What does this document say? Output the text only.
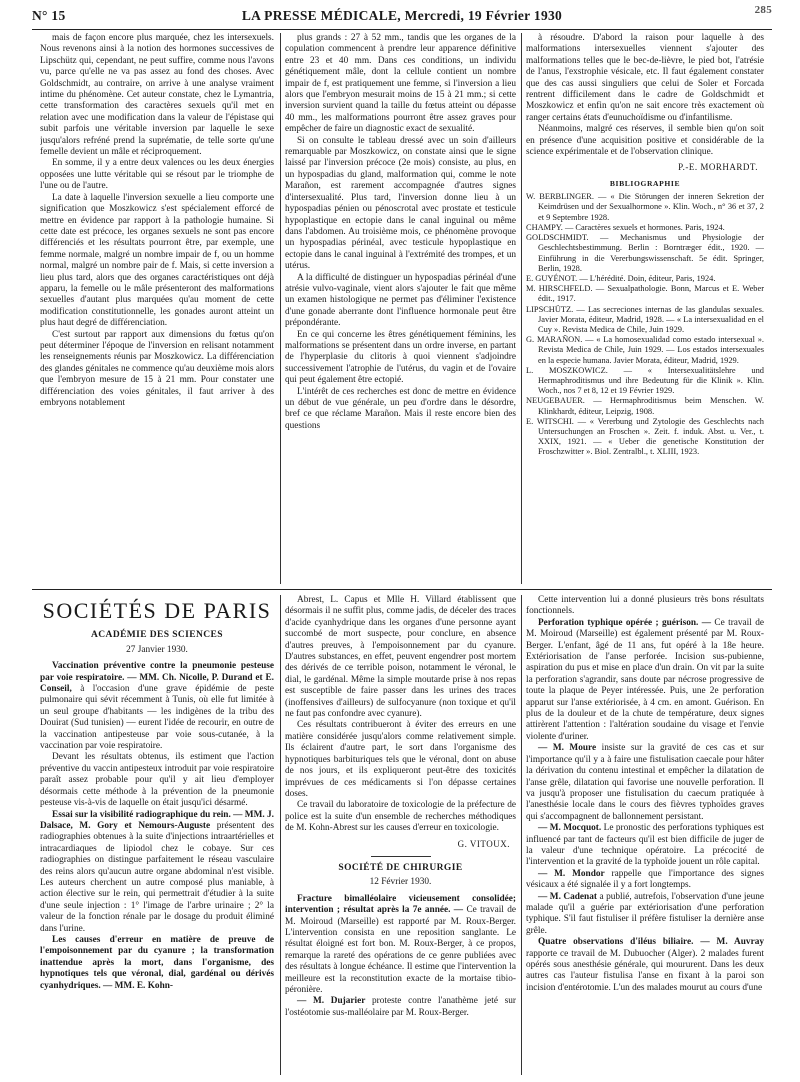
N° 15	LA PRESSE MÉDICALE, Mercredi, 19 Février 1930	285

mais de façon encore plus marquée, chez les intersexuels. Nous revenons ainsi à la notion des hormones successives de Lipschütz qui, cependant, ne peut suffire, comme nous l'avons vu, parce qu'elle ne va pas assez au fond des choses. Avec Goldschmidt, au contraire, on arrive à une analyse vraiment intime du phénomène. Cet auteur constate, chez le Lymantria, cette transformation des caractères sexuels qu'il met en relation avec une modification dans la valeur de l'épistase qui subit parfois une véritable inversion par laquelle le sexe jusqu'alors refréné prend la suprématie, de telle sorte qu'une femelle devient un mâle et réciproquement.

En somme, il y a entre deux valences ou les deux énergies opposées une lutte véritable qui se résout par le triomphe de l'une ou de l'autre.

La date à laquelle l'inversion sexuelle a lieu comporte une signification que Moszkowicz s'est spécialement efforcé de mettre en évidence par rapport à la pathologie humaine. Si cette date est précoce, les organes sexuels ne sont pas encore différenciés et les résultats pourront être, par exemple, une femme normale, malgré un nombre impair de f, ou un homme normal, malgré un nombre pair de f. Mais, si cette inversion a lieu plus tard, alors que des organes caractéristiques ont déjà apparu, la femelle ou le mâle présenteront des malformations sexuelles d'autant plus marquées qu'au moment de cette modification constitutionnelle, les gonades auront atteint un plus haut degré de différenciation.

C'est surtout par rapport aux dimensions du fœtus qu'on peut déterminer l'époque de l'inversion en relisant notamment les renseignements réunis par Moszkowicz. La différenciation des glandes génitales ne commence qu'au deuxième mois alors que l'embryon mesure de 15 à 21 mm. Pour constater une différenciation des voies génitales, il faut arriver à des embryons notablement

plus grands : 27 à 52 mm., tandis que les organes de la copulation commencent à prendre leur apparence définitive entre 23 et 40 mm. Dans ces conditions, un individu génétiquement mâle, dont la cellule contient un nombre impair de f, est pratiquement une femme, si l'inversion a lieu alors que l'embryon mesurait moins de 15 à 21 mm.; si cette inversion survient quand la taille du fœtus atteint ou dépasse 40 mm., les malformations pourront être assez graves pour empêcher de faire un diagnostic exact de sexualité.

Si on consulte le tableau dressé avec un soin d'ailleurs remarquable par Moszkowicz, on constate ainsi que le signe laissé par l'inversion précoce (2e mois) consiste, au plus, en un hypospadias du gland, malformation qui, comme le note Marañon, est rarement accompagnée d'autres signes d'intersexualité. Plus tard, l'inversion donne lieu à un hypospadias pénien ou pénoscrotal avec prostate et testicule hypoplastique en ectopie dans le canal inguinal ou même dans l'abdomen. Au troisième mois, ce phénomène provoque un hypospadias périnéal, avec testicule hypoplastique en ectopie dans le canal inguinal à l'extrémité des trompes, et un utérus.

A la difficulté de distinguer un hypospadias périnéal d'une atrésie vulvo-vaginale, vient alors s'ajouter le fait que même un examen histologique ne permet pas d'éliminer l'existence d'une gonade aberrante dont l'influence hormonale peut être prépondérante.

En ce qui concerne les êtres génétiquement féminins, les malformations se présentent dans un ordre inverse, en partant de l'hyperplasie du clitoris à quoi viennent s'adjoindre successivement l'atrophie de l'utérus, du vagin et de l'ovaire qui peut également être ectopié.

L'intérêt de ces recherches est donc de mettre en évidence un début de vue générale, un peu d'ordre dans le désordre, bref ce que réclame Marañon. Mais il reste encore bien des questions

à résoudre. D'abord la raison pour laquelle à des malformations intersexuelles viennent s'ajouter des malformations telles que le bec-de-lièvre, le pied bot, l'atrésie de l'anus, l'exstrophie vésicale, etc. Il faut également constater que des cas aussi singuliers que celui de Soler et Forcada rentrent difficilement dans le cadre de Goldschmidt et Moszkowicz et enfin qu'on ne sait encore très exactement où ranger certains états d'eunuchoïdisme ou d'infantilisme.

Néanmoins, malgré ces réserves, il semble bien qu'on soit en présence d'une acquisition positive et considérable de la science expérimentale et de l'observation clinique.

P.-E. MORHARDT.
BIBLIOGRAPHIE

W. BERBLINGER. — « Die Störungen der inneren Sekretion der Keimdrüsen und der Sexualhormone ». Klin. Woch., n° 36 et 37, 2 et 9 Septembre 1928.

CHAMPY. — Caractères sexuels et hormones. Paris, 1924.

GOLDSCHMIDT. — Mechanismus und Physiologie der Geschlechtsbestimmung. Berlin : Borntræger édit., 1920. — Einführung in die Vererbungswissenschaft. 5e édit. Springer, Berlin, 1928.

E. GUYÉNOT. — L'hérédité. Doin, éditeur, Paris, 1924.

M. HIRSCHFELD. — Sexualpathologie. Bonn, Marcus et E. Weber édit., 1917.

LIPSCHÜTZ. — Las secreciones internas de las glandulas sexuales. Javier Morata, éditeur, Madrid, 1928. — « La intersexualidad en el Cuy ». Revista Medica de Chile, Juin 1929.

G. MARAÑON. — « La homosexualidad como estado intersexual ». Revista Medica de Chile, Juin 1929. — Los estados intersexuales en la especie humana. Javier Morata, éditeur, Madrid, 1929.

L. MOSZKOWICZ. — « Intersexualitätslehre und Hermaphroditismus und ihre Bedeutung für die Klinik ». Klin. Woch., nos 7 et 8, 12 et 19 Février 1929.

NEUGEBAUER. — Hermaphroditismus beim Menschen. W. Klinkhardt, éditeur, Leipzig, 1908.

E. WITSCHI. — « Vererbung und Zytologie des Geschlechts nach Untersuchungen an Froschen ». Zeit. f. induk. Abst. u. Ver., t. XXIX, 1921. — « Ueber die genetische Konstitution der Froschzwitter ». Biol. Zentralbl., t. XLIII, 1923.

SOCIÉTÉS DE PARIS
ACADÉMIE DES SCIENCES
27 Janvier 1930.

Vaccination préventive contre la pneumonie pesteuse par voie respiratoire. — MM. Ch. Nicolle, P. Durand et E. Conseil, à l'occasion d'une grave épidémie de peste pulmonaire qui sévit récemment à Tunis, où elle fut limitée à un seul groupe d'habitants — les indigènes de la tribu des Douirat (Sud tunisien) — eurent l'idée de recourir, en outre de la vaccination antipesteuse par voie sous-cutanée, à la vaccination par voie respiratoire.

Devant les résultats obtenus, ils estiment que l'action préventive du vaccin antipesteux introduit par voie respiratoire paraît assez probable pour qu'il y ait lieu d'employer désormais cette méthode à la prévention de la pneumonie pesteuse vis-à-vis de laquelle on était jusqu'ici désarmé.

Essai sur la visibilité radiographique du rein. — MM. J. Dalsace, M. Gory et Nemours-Auguste présentent des radiographies obtenues à la suite d'injections intraartérielles et intracardiaques de lipiodol chez le cobaye. Sur ces radiographies on distingue parfaitement le réseau vasculaire des reins alors qu'aucun autre organe abdominal n'est visible. Les auteurs cherchent un autre composé plus maniable, à action élective sur le rein, qui permettrait d'étudier à la suite d'une seule injection : 1° l'image de l'arbre urinaire ; 2° la valeur de la fonction rénale par le dosage du produit éliminé dans l'urine.

Les causes d'erreur en matière de preuve de l'empoisonnement par du cyanure ; la transformation inattendue après la mort, dans l'organisme, des hypnotiques tels que véronal, dial, gardénal ou dérivés cyanhydriques. — MM. E. Kohn-

Abrest, L. Capus et Mlle H. Villard établissent que désormais il ne suffit plus, comme jadis, de déceler des traces d'acide cyanhydrique dans les organes d'une personne ayant succombé de mort suspecte, pour conclure, en absence d'autres preuves, à l'empoisonnement par du cyanure. D'autres substances, en effet, peuvent engendrer post mortem des dérivés de ce terrible poison, notamment le véronal, le dial, le gardénal. Même la simple moutarde prise à nos repas est susceptible de faire passer dans les urines des traces (inoffensives d'ailleurs) de sulfocyanure (non toxique et qu'il ne faut pas confondre avec cyanure).

Ces résultats contribueront à éviter des erreurs en une matière considérée jusqu'alors comme relativement simple. Ils éclairent d'autre part, le sort dans l'organisme des hypnotiques barbituriques tels que le véronal, dont on abuse de nos jours, et ils expliqueront peut-être des toxicités imprévues de ces médicaments si l'on dépasse certaines doses.

Ce travail du laboratoire de toxicologie de la préfecture de police est la suite d'un ensemble de recherches méthodiques de M. Kohn-Abrest sur les causes d'erreur en toxicologie.

G. VITOUX.
SOCIÉTÉ DE CHIRURGIE
12 Février 1930.

Fracture bimalléolaire vicieusement consolidée; intervention ; résultat après la 7e année. — Ce travail de M. Moiroud (Marseille) est rapporté par M. Roux-Berger. L'intervention consista en une reposition sanglante. Le résultat éloigné est fort bon. M. Roux-Berger, à ce propos, remarque la rareté des opérations de ce genre publiées avec des résultats à longue échéance. Il estime que l'intervention la meilleure est la reconstitution exacte de la mortaise tibio-péronière.

— M. Dujarier proteste contre l'anathème jeté sur l'ostéotomie sus-malléolaire par M. Roux-Berger.

Cette intervention lui a donné plusieurs très bons résultats fonctionnels.

Perforation typhique opérée ; guérison. — Ce travail de M. Moiroud (Marseille) est également présenté par M. Roux-Berger. L'enfant, âgé de 11 ans, fut opéré à la 18e heure. Extériorisation de l'anse perforée. Incision sus-pubienne, aspiration du pus et mise en place d'un drain. On vit par la suite la perforation s'agrandir, sans doute par nécrose progressive de toute la plaque de Peyer intéressée. Puis, une 2e perforation apparut sur l'anse extériorisée, à 4 cm. en amont. Guérison. En plus de la douleur et de la chute de température, deux signes attirèrent l'attention : l'altération soudaine du visage et l'envie violente d'uriner.

— M. Moure insiste sur la gravité de ces cas et sur l'importance qu'il y a à faire une fistulisation caecale pour hâter la dérivation du contenu intestinal et empêcher la dilatation de l'anse grêle, dilatation qui favorise une nouvelle perforation. Il va jusqu'à proposer une fistulisation du caecum pratiquée à l'anesthésie locale dans le cours des fièvres typhoïdes graves qui s'accompagnent de ballonnement persistant.

— M. Mocquot. Le pronostic des perforations typhiques est influencé par tant de facteurs qu'il est bien difficile de juger de la valeur d'une technique opératoire. La précocité de l'intervention et la gravité de la typhoïde jouent un rôle capital.

— M. Mondor rappelle que l'importance des signes vésicaux a été signalée il y a fort longtemps.

— M. Cadenat a publié, autrefois, l'observation d'une jeune malade qu'il a guérie par extériorisation d'une perforation typhique. S'il faut fistuliser il préfère fistuliser la dernière anse grêle.

Quatre observations d'iléus biliaire. — M. Auvray rapporte ce travail de M. Dubuocher (Alger). 2 malades furent opérés sous anesthésie générale, qui moururent. Dans les deux autres cas l'auteur fistulisa l'anse en fixant à la paroi son incision d'entérotomie. L'un des malades mourut au cours d'une
